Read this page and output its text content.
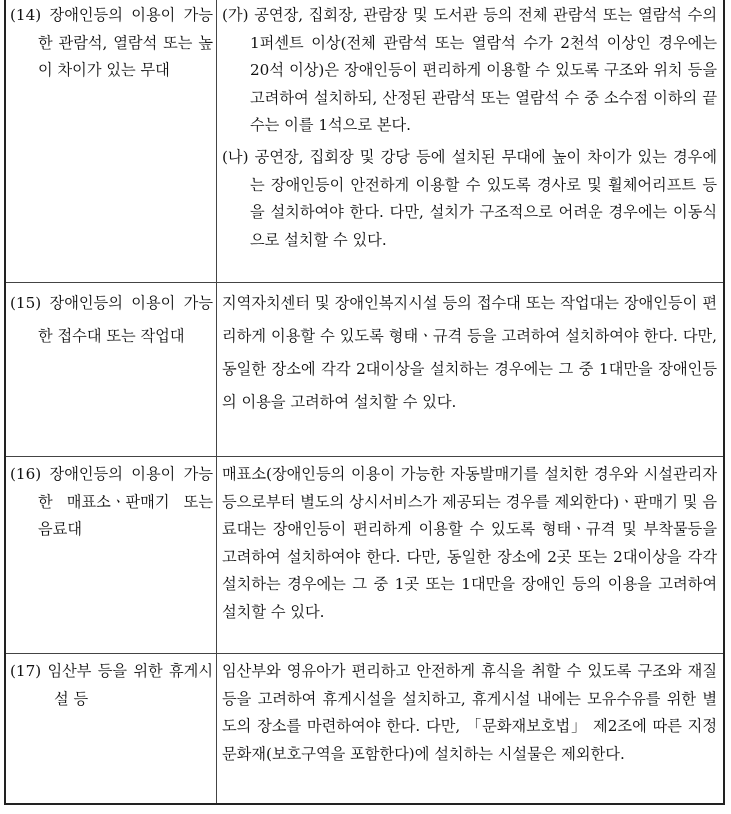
(14) 장애인등의 이용이 가능한 관람석, 열람석 또는 높이 차이가 있는 무대	(가) 공연장, 집회장, 관람장 및 도서관 등의 전체 관람석 또는 열람석 수의 1퍼센트 이상(전체 관람석 또는 열람석 수가 2천석 이상인 경우에는 20석 이상)은 장애인등이 편리하게 이용할 수 있도록 구조와 위치 등을 고려하여 설치하되, 산정된 관람석 또는 열람석 수 중 소수점 이하의 끝수는 이를 1석으로 본다.
(나) 공연장, 집회장 및 강당 등에 설치된 무대에 높이 차이가 있는 경우에는 장애인등이 안전하게 이용할 수 있도록 경사로 및 휠체어리프트 등을 설치하여야 한다. 다만, 설치가 구조적으로 어려운 경우에는 이동식으로 설치할 수 있다.

(15) 장애인등의 이용이 가능한 접수대 또는 작업대	지역자치센터 및 장애인복지시설 등의 접수대 또는 작업대는 장애인등이 편리하게 이용할 수 있도록 형태ㆍ규격 등을 고려하여 설치하여야 한다. 다만, 동일한 장소에 각각 2대이상을 설치하는 경우에는 그 중 1대만을 장애인등의 이용을 고려하여 설치할 수 있다.

(16) 장애인등의 이용이 가능한 매표소ㆍ판매기 또는 음료대	매표소(장애인등의 이용이 가능한 자동발매기를 설치한 경우와 시설관리자등으로부터 별도의 상시서비스가 제공되는 경우를 제외한다)ㆍ판매기 및 음료대는 장애인등이 편리하게 이용할 수 있도록 형태ㆍ규격 및 부착물등을 고려하여 설치하여야 한다. 다만, 동일한 장소에 2곳 또는 2대이상을 각각 설치하는 경우에는 그 중 1곳 또는 1대만을 장애인 등의 이용을 고려하여 설치할 수 있다.

(17) 임산부 등을 위한 휴게시설 등	임산부와 영유아가 편리하고 안전하게 휴식을 취할 수 있도록 구조와 재질 등을 고려하여 휴게시설을 설치하고, 휴게시설 내에는 모유수유를 위한 별도의 장소를 마련하여야 한다. 다만, 「문화재보호법」 제2조에 따른 지정문화재(보호구역을 포함한다)에 설치하는 시설물은 제외한다.
